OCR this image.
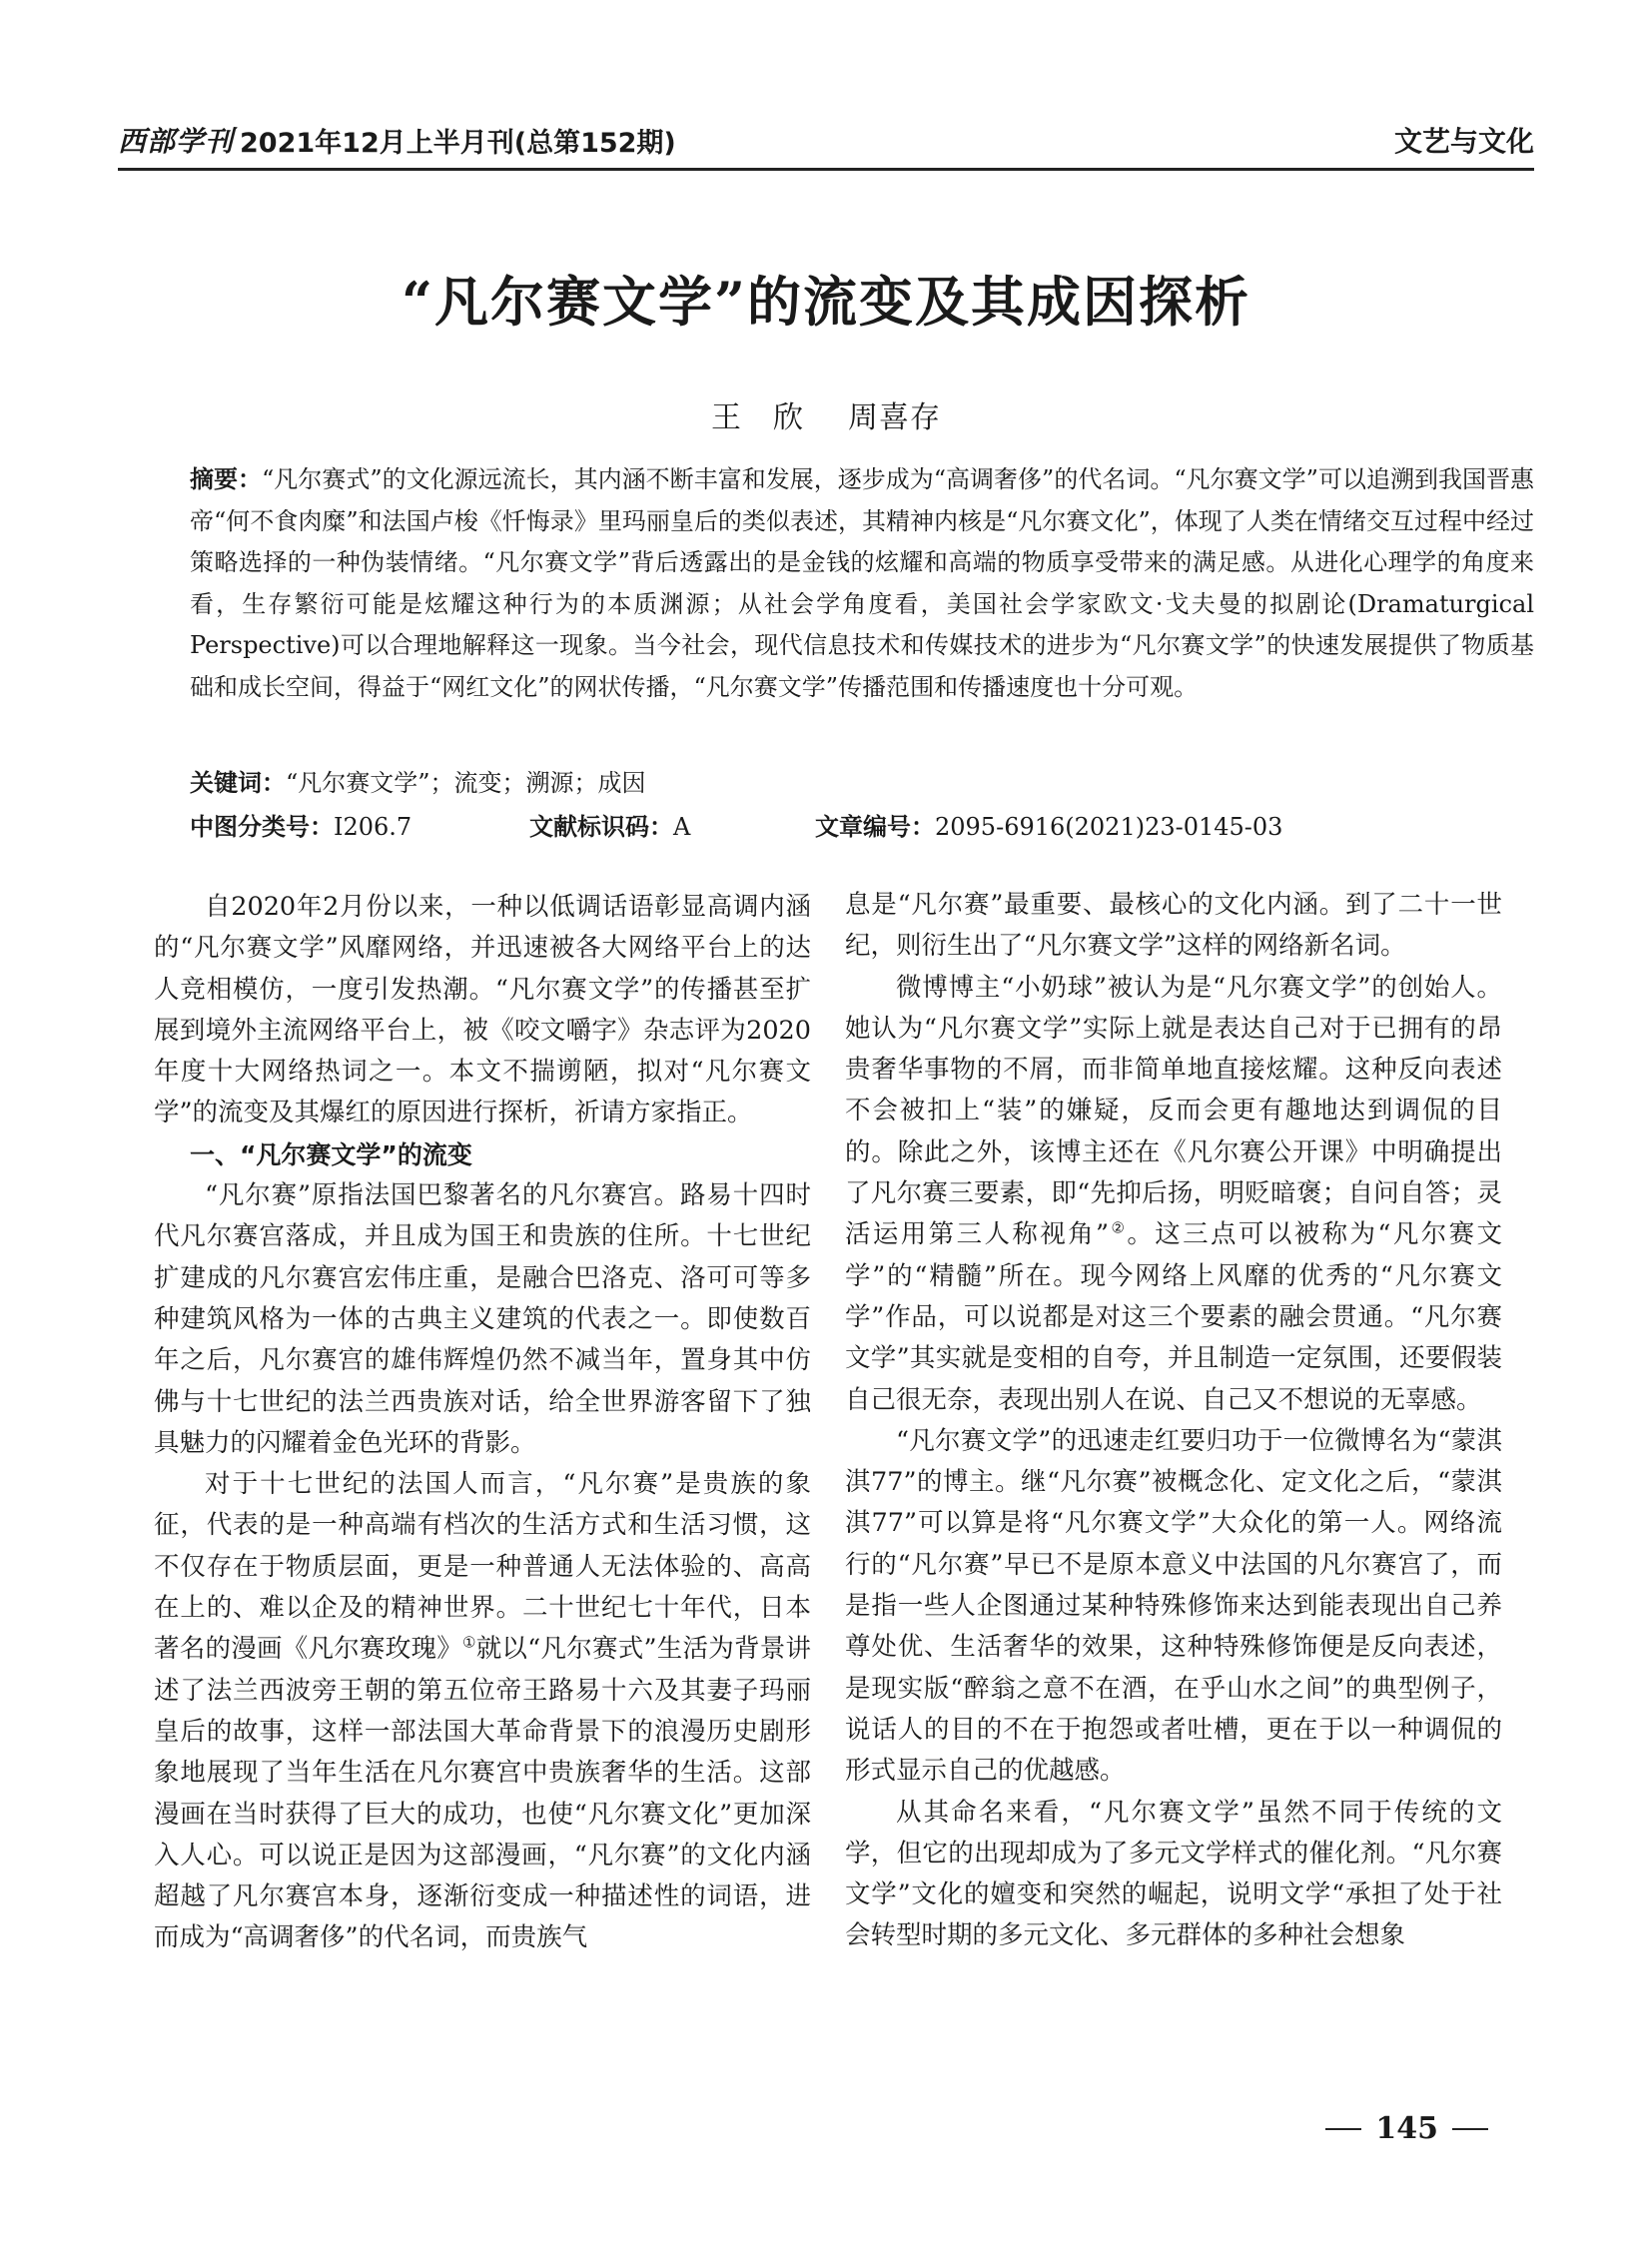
西部学刊 2021年12月上半月刊(总第152期)	文艺与文化
“凡尔赛文学”的流变及其成因探析
王　欣 周喜存
摘要：“凡尔赛式”的文化源远流长，其内涵不断丰富和发展，逐步成为“高调奢侈”的代名词。“凡尔赛文学”可以追溯到我国晋惠帝“何不食肉糜”和法国卢梭《忏悔录》里玛丽皇后的类似表述，其精神内核是“凡尔赛文化”，体现了人类在情绪交互过程中经过策略选择的一种伪装情绪。“凡尔赛文学”背后透露出的是金钱的炫耀和高端的物质享受带来的满足感。从进化心理学的角度来看，生存繁衍可能是炫耀这种行为的本质渊源；从社会学角度看，美国社会学家欧文·戈夫曼的拟剧论(Dramaturgical Perspective)可以合理地解释这一现象。当今社会，现代信息技术和传媒技术的进步为“凡尔赛文学”的快速发展提供了物质基础和成长空间，得益于“网红文化”的网状传播，“凡尔赛文学”传播范围和传播速度也十分可观。
关键词：“凡尔赛文学”；流变；溯源；成因
中图分类号：I206.7	文献标识码：A	文章编号：2095-6916(2021)23-0145-03

自2020年2月份以来，一种以低调话语彰显高调内涵的“凡尔赛文学”风靡网络，并迅速被各大网络平台上的达人竞相模仿，一度引发热潮。“凡尔赛文学”的传播甚至扩展到境外主流网络平台上，被《咬文嚼字》杂志评为2020年度十大网络热词之一。本文不揣谫陋，拟对“凡尔赛文学”的流变及其爆红的原因进行探析，祈请方家指正。

一、“凡尔赛文学”的流变

“凡尔赛”原指法国巴黎著名的凡尔赛宫。路易十四时代凡尔赛宫落成，并且成为国王和贵族的住所。十七世纪扩建成的凡尔赛宫宏伟庄重，是融合巴洛克、洛可可等多种建筑风格为一体的古典主义建筑的代表之一。即使数百年之后，凡尔赛宫的雄伟辉煌仍然不减当年，置身其中仿佛与十七世纪的法兰西贵族对话，给全世界游客留下了独具魅力的闪耀着金色光环的背影。

对于十七世纪的法国人而言，“凡尔赛”是贵族的象征，代表的是一种高端有档次的生活方式和生活习惯，这不仅存在于物质层面，更是一种普通人无法体验的、高高在上的、难以企及的精神世界。二十世纪七十年代，日本著名的漫画《凡尔赛玫瑰》①就以“凡尔赛式”生活为背景讲述了法兰西波旁王朝的第五位帝王路易十六及其妻子玛丽皇后的故事，这样一部法国大革命背景下的浪漫历史剧形象地展现了当年生活在凡尔赛宫中贵族奢华的生活。这部漫画在当时获得了巨大的成功，也使“凡尔赛文化”更加深入人心。可以说正是因为这部漫画，“凡尔赛”的文化内涵超越了凡尔赛宫本身，逐渐衍变成一种描述性的词语，进而成为“高调奢侈”的代名词，而贵族气

息是“凡尔赛”最重要、最核心的文化内涵。到了二十一世纪，则衍生出了“凡尔赛文学”这样的网络新名词。

微博博主“小奶球”被认为是“凡尔赛文学”的创始人。她认为“凡尔赛文学”实际上就是表达自己对于已拥有的昂贵奢华事物的不屑，而非简单地直接炫耀。这种反向表述不会被扣上“装”的嫌疑，反而会更有趣地达到调侃的目的。除此之外，该博主还在《凡尔赛公开课》中明确提出了凡尔赛三要素，即“先抑后扬，明贬暗褒；自问自答；灵活运用第三人称视角”②。这三点可以被称为“凡尔赛文学”的“精髓”所在。现今网络上风靡的优秀的“凡尔赛文学”作品，可以说都是对这三个要素的融会贯通。“凡尔赛文学”其实就是变相的自夸，并且制造一定氛围，还要假装自己很无奈，表现出别人在说、自己又不想说的无辜感。

“凡尔赛文学”的迅速走红要归功于一位微博名为“蒙淇淇77”的博主。继“凡尔赛”被概念化、定文化之后，“蒙淇淇77”可以算是将“凡尔赛文学”大众化的第一人。网络流行的“凡尔赛”早已不是原本意义中法国的凡尔赛宫了，而是指一些人企图通过某种特殊修饰来达到能表现出自己养尊处优、生活奢华的效果，这种特殊修饰便是反向表述，是现实版“醉翁之意不在酒，在乎山水之间”的典型例子，说话人的目的不在于抱怨或者吐槽，更在于以一种调侃的形式显示自己的优越感。

从其命名来看，“凡尔赛文学”虽然不同于传统的文学，但它的出现却成为了多元文学样式的催化剂。“凡尔赛文学”文化的嬗变和突然的崛起，说明文学“承担了处于社会转型时期的多元文化、多元群体的多种社会想象

145
